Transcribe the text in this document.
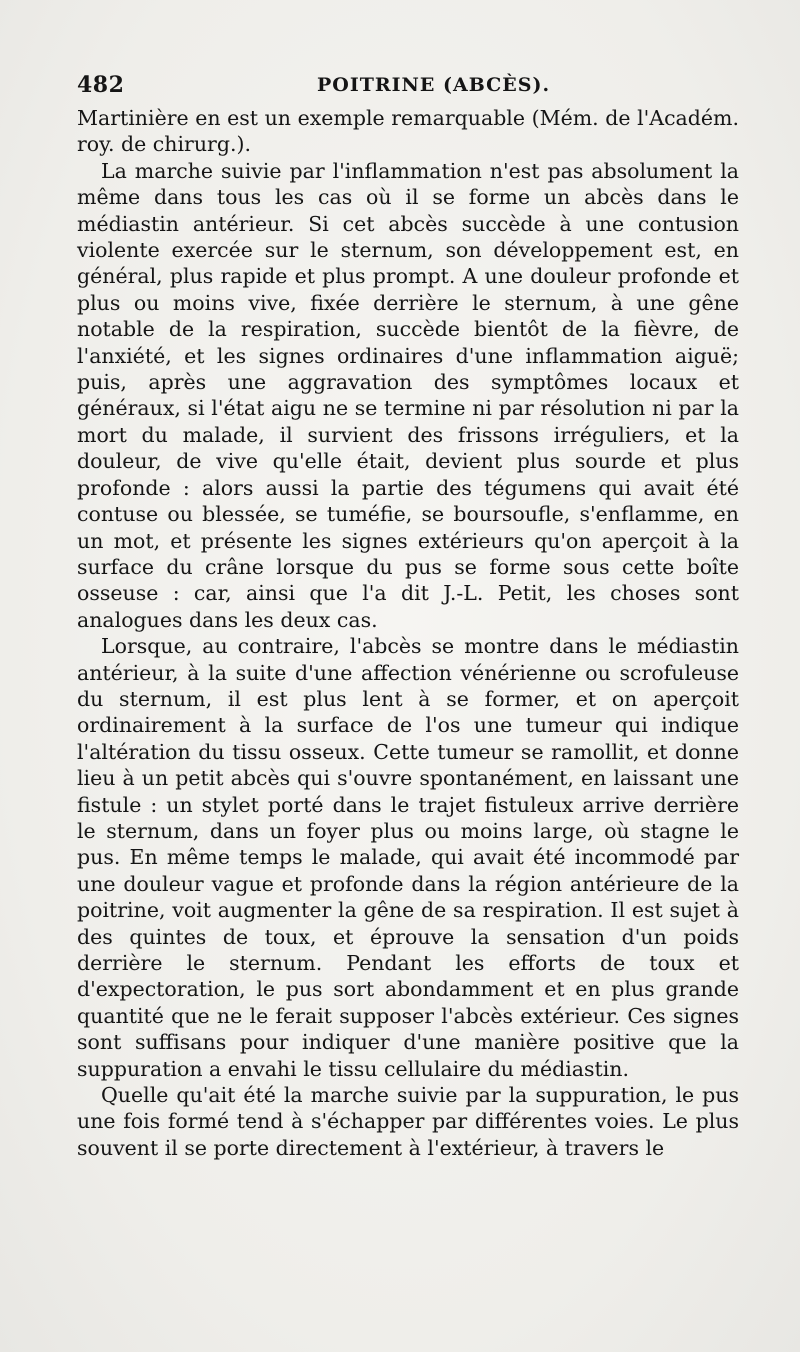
482	POITRINE (ABCÈS).

Martinière en est un exemple remarquable (Mém. de l'Académ. roy. de chirurg.).

La marche suivie par l'inflammation n'est pas absolument la même dans tous les cas où il se forme un abcès dans le médiastin antérieur. Si cet abcès succède à une contusion violente exercée sur le sternum, son développement est, en général, plus rapide et plus prompt. A une douleur profonde et plus ou moins vive, fixée derrière le sternum, à une gêne notable de la respiration, succède bientôt de la fièvre, de l'anxiété, et les signes ordinaires d'une inflammation aiguë; puis, après une aggravation des symptômes locaux et généraux, si l'état aigu ne se termine ni par résolution ni par la mort du malade, il survient des frissons irréguliers, et la douleur, de vive qu'elle était, devient plus sourde et plus profonde : alors aussi la partie des tégumens qui avait été contuse ou blessée, se tuméfie, se boursoufle, s'enflamme, en un mot, et présente les signes extérieurs qu'on aperçoit à la surface du crâne lorsque du pus se forme sous cette boîte osseuse : car, ainsi que l'a dit J.-L. Petit, les choses sont analogues dans les deux cas.

Lorsque, au contraire, l'abcès se montre dans le médiastin antérieur, à la suite d'une affection vénérienne ou scrofuleuse du sternum, il est plus lent à se former, et on aperçoit ordinairement à la surface de l'os une tumeur qui indique l'altération du tissu osseux. Cette tumeur se ramollit, et donne lieu à un petit abcès qui s'ouvre spontanément, en laissant une fistule : un stylet porté dans le trajet fistuleux arrive derrière le sternum, dans un foyer plus ou moins large, où stagne le pus. En même temps le malade, qui avait été incommodé par une douleur vague et profonde dans la région antérieure de la poitrine, voit augmenter la gêne de sa respiration. Il est sujet à des quintes de toux, et éprouve la sensation d'un poids derrière le sternum. Pendant les efforts de toux et d'expectoration, le pus sort abondamment et en plus grande quantité que ne le ferait supposer l'abcès extérieur. Ces signes sont suffisans pour indiquer d'une manière positive que la suppuration a envahi le tissu cellulaire du médiastin.

Quelle qu'ait été la marche suivie par la suppuration, le pus une fois formé tend à s'échapper par différentes voies. Le plus souvent il se porte directement à l'extérieur, à travers le
